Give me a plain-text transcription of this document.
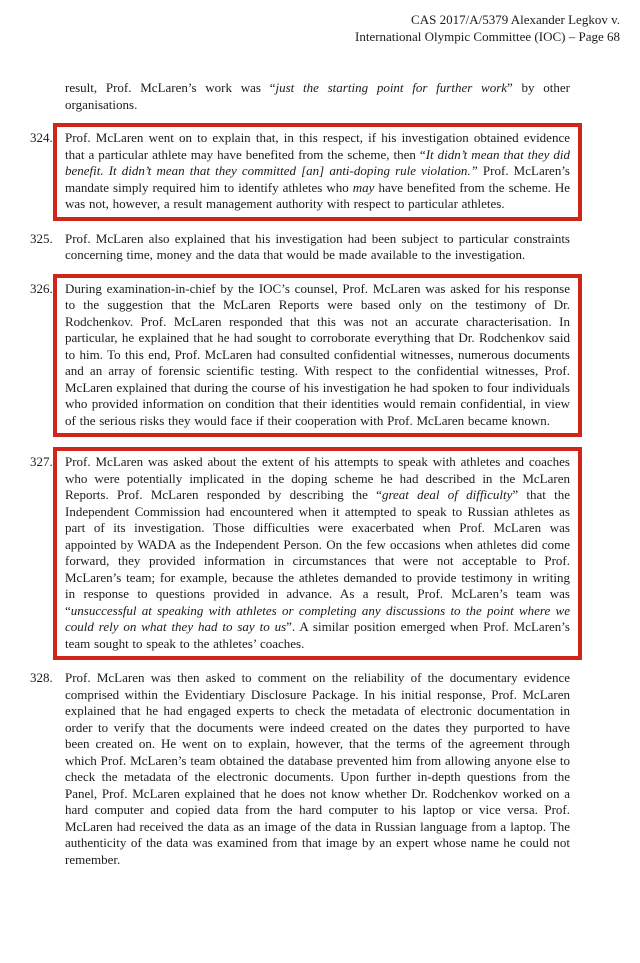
CAS 2017/A/5379 Alexander Legkov v.
International Olympic Committee (IOC) – Page 68
result, Prof. McLaren’s work was “just the starting point for further work” by other organisations.
324. Prof. McLaren went on to explain that, in this respect, if his investigation obtained evidence that a particular athlete may have benefited from the scheme, then “It didn’t mean that they did benefit. It didn’t mean that they committed [an] anti-doping rule violation.” Prof. McLaren’s mandate simply required him to identify athletes who may have benefited from the scheme. He was not, however, a result management authority with respect to particular athletes.
325. Prof. McLaren also explained that his investigation had been subject to particular constraints concerning time, money and the data that would be made available to the investigation.
326. During examination-in-chief by the IOC’s counsel, Prof. McLaren was asked for his response to the suggestion that the McLaren Reports were based only on the testimony of Dr. Rodchenkov. Prof. McLaren responded that this was not an accurate characterisation. In particular, he explained that he had sought to corroborate everything that Dr. Rodchenkov said to him. To this end, Prof. McLaren had consulted confidential witnesses, numerous documents and an array of forensic scientific testing. With respect to the confidential witnesses, Prof. McLaren explained that during the course of his investigation he had spoken to four individuals who provided information on condition that their identities would remain confidential, in view of the serious risks they would face if their cooperation with Prof. McLaren became known.
327. Prof. McLaren was asked about the extent of his attempts to speak with athletes and coaches who were potentially implicated in the doping scheme he had described in the McLaren Reports. Prof. McLaren responded by describing the “great deal of difficulty” that the Independent Commission had encountered when it attempted to speak to Russian athletes as part of its investigation. Those difficulties were exacerbated when Prof. McLaren was appointed by WADA as the Independent Person. On the few occasions when athletes did come forward, they provided information in circumstances that were not acceptable to Prof. McLaren’s team; for example, because the athletes demanded to provide testimony in writing in response to questions provided in advance. As a result, Prof. McLaren’s team was “unsuccessful at speaking with athletes or completing any discussions to the point where we could rely on what they had to say to us”. A similar position emerged when Prof. McLaren’s team sought to speak to the athletes’ coaches.
328. Prof. McLaren was then asked to comment on the reliability of the documentary evidence comprised within the Evidentiary Disclosure Package. In his initial response, Prof. McLaren explained that he had engaged experts to check the metadata of electronic documentation in order to verify that the documents were indeed created on the dates they purported to have been created on. He went on to explain, however, that the terms of the agreement through which Prof. McLaren’s team obtained the database prevented him from allowing anyone else to check the metadata of the electronic documents. Upon further in-depth questions from the Panel, Prof. McLaren explained that he does not know whether Dr. Rodchenkov worked on a hard computer and copied data from the hard computer to his laptop or vice versa. Prof. McLaren had received the data as an image of the data in Russian language from a laptop. The authenticity of the data was examined from that image by an expert whose name he could not remember.
